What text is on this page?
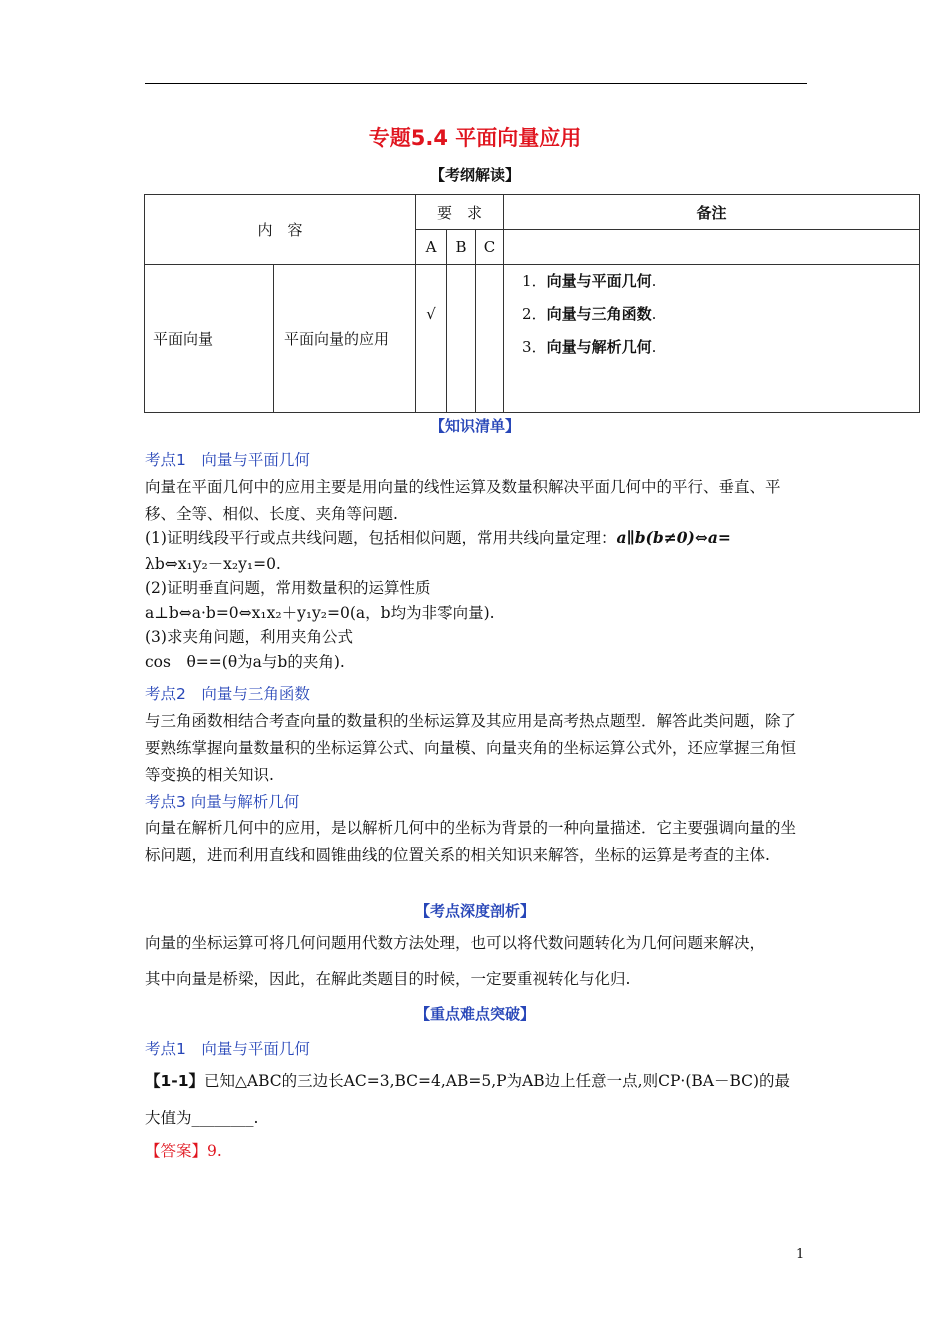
专题5.4 平面向量应用
【考纲解读】
内　容		要　求			备注
		A	B	C	
平面向量	平面向量的应用	√			1．向量与平面几何.
2．向量与三角函数.
3．向量与解析几何.
【知识清单】
考点1　向量与平面几何
向量在平面几何中的应用主要是用向量的线性运算及数量积解决平面几何中的平行、垂直、平移、全等、相似、长度、夹角等问题.
(1)证明线段平行或点共线问题，包括相似问题，常用共线向量定理：a∥b(b≠0)⇔a=
λb⇔x₁y₂－x₂y₁=0.
(2)证明垂直问题，常用数量积的运算性质
a⊥b⇔a·b=0⇔x₁x₂＋y₁y₂=0(a，b均为非零向量).
(3)求夹角问题，利用夹角公式
cos　θ==(θ为a与b的夹角).
考点2　向量与三角函数
与三角函数相结合考查向量的数量积的坐标运算及其应用是高考热点题型．解答此类问题，除了要熟练掌握向量数量积的坐标运算公式、向量模、向量夹角的坐标运算公式外，还应掌握三角恒等变换的相关知识.
考点3 向量与解析几何
向量在解析几何中的应用，是以解析几何中的坐标为背景的一种向量描述．它主要强调向量的坐标问题，进而利用直线和圆锥曲线的位置关系的相关知识来解答，坐标的运算是考查的主体.
【考点深度剖析】
向量的坐标运算可将几何问题用代数方法处理，也可以将代数问题转化为几何问题来解决，
其中向量是桥梁，因此，在解此类题目的时候，一定要重视转化与化归.
【重点难点突破】
考点1　向量与平面几何
【1-1】已知△ABC的三边长AC=3,BC=4,AB=5,P为AB边上任意一点,则CP·(BA－BC)的最
大值为________.
【答案】9.
1
